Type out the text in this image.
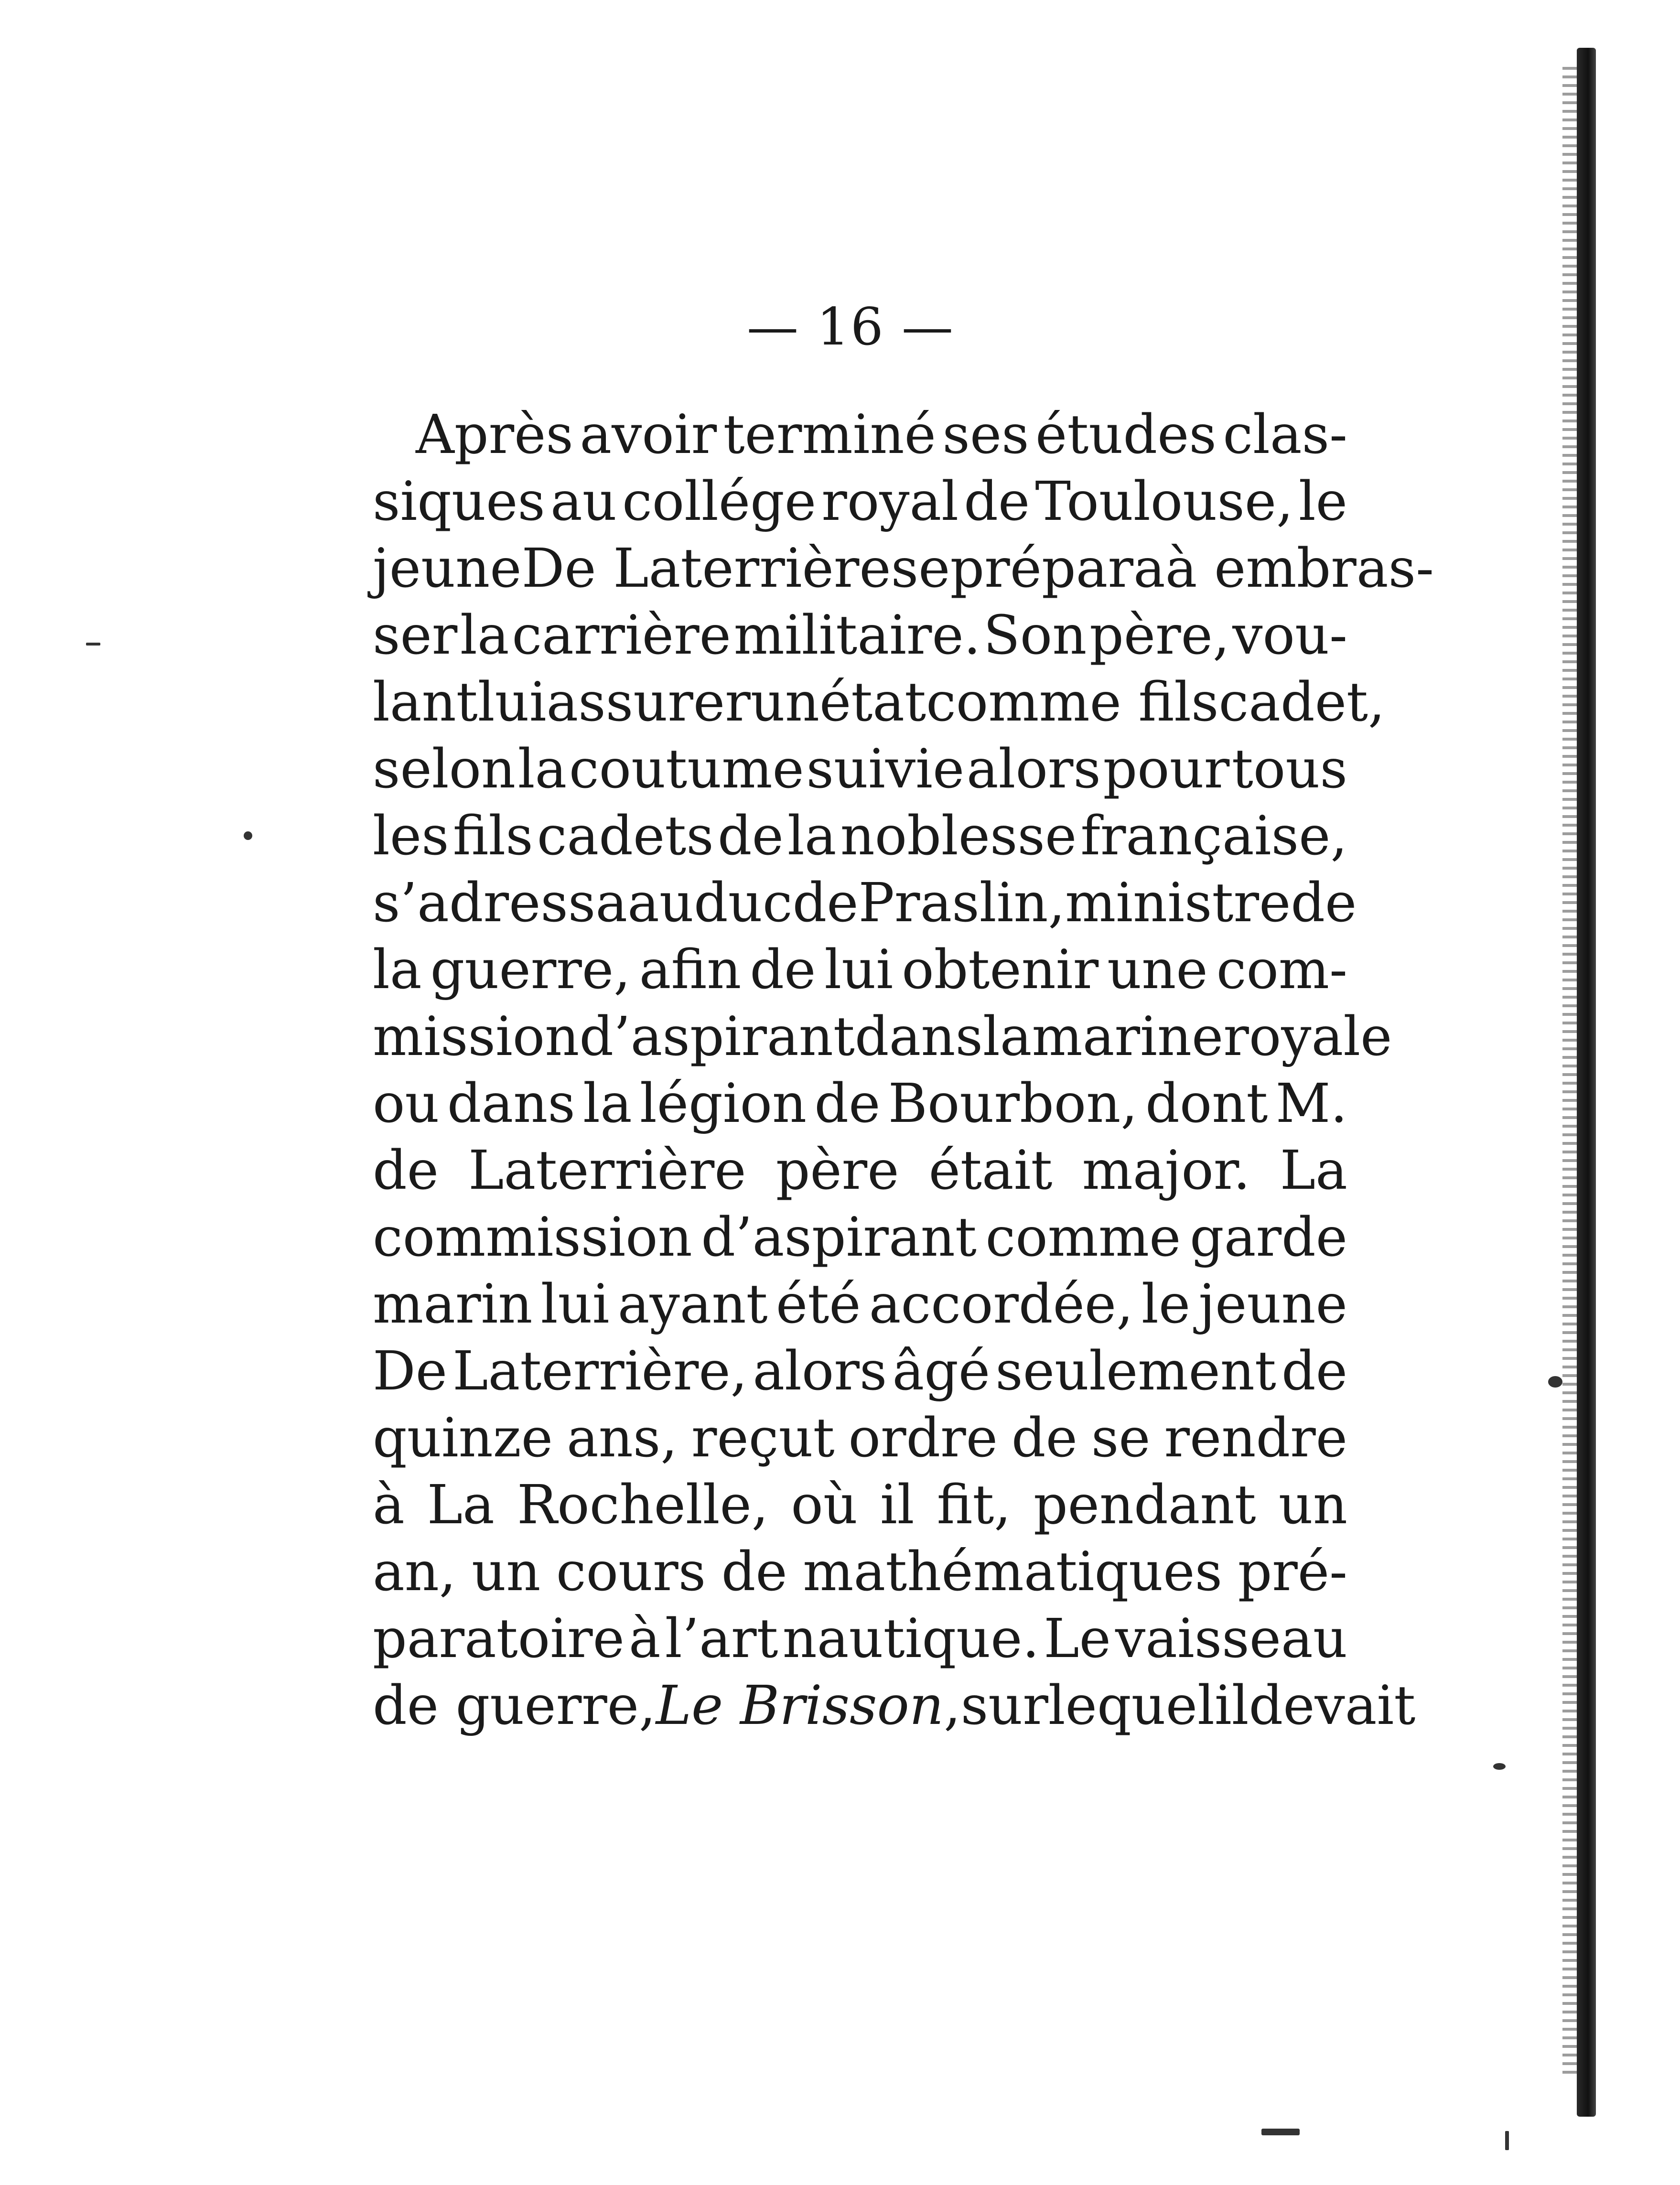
— 16 —
Après avoir terminé ses études clas-
siques au collége royal de Toulouse, le
jeune De Laterrière se prépara à embras-
ser la carrière militaire. Son père, vou-
lant lui assurer un état comme fils cadet,
selon la coutume suivie alors pour tous
les fils cadets de la noblesse française,
s’adressa au duc de Praslin, ministre de
la guerre, afin de lui obtenir une com-
mission d’aspirant dans la marine royale
ou dans la légion de Bourbon, dont M.
de Laterrière père était major. La
commission d’aspirant comme garde
marin lui ayant été accordée, le jeune
De Laterrière, alors âgé seulement de
quinze ans, reçut ordre de se rendre
à La Rochelle, où il fit, pendant un
an, un cours de mathématiques pré-
paratoire à l’art nautique. Le vaisseau
de guerre, Le Brisson, sur lequel il devait
